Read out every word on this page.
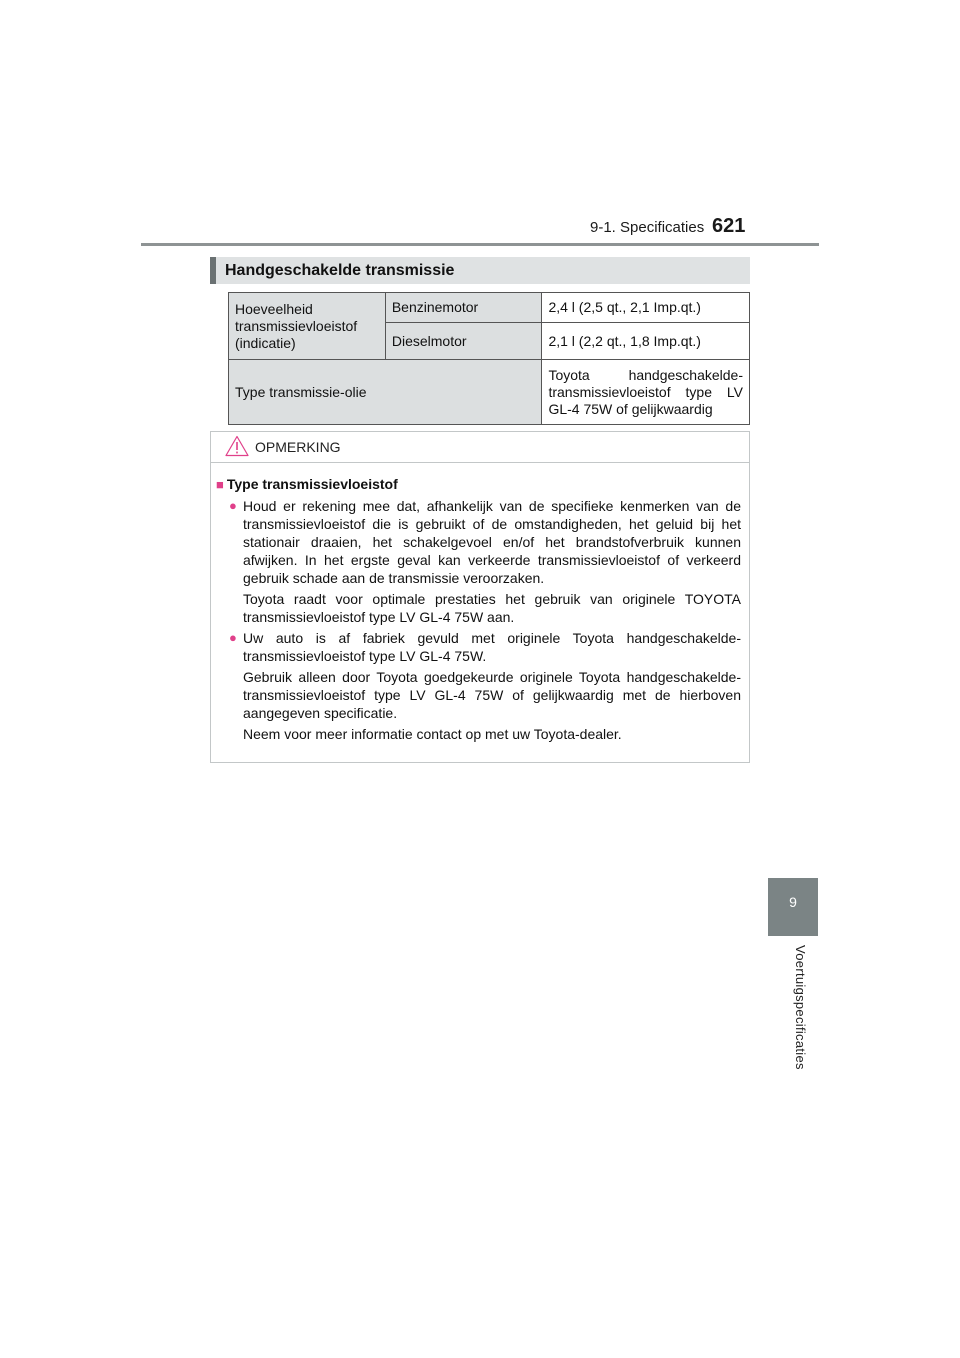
9-1. Specificaties 621
9
Voertuigspecificaties
Handgeschakelde transmissie
Hoeveelheid transmissievloeistof (indicatie)	Benzinemotor	2,4 l (2,5 qt., 2,1 Imp.qt.)
	Dieselmotor	2,1 l (2,2 qt., 1,8 Imp.qt.)
Type transmissie-olie		Toyota handgeschakelde-transmissievloeistof type LV GL-4 75W of gelijkwaardig
OPMERKING
■ Type transmissievloeistof
● Houd er rekening mee dat, afhankelijk van de specifieke kenmerken van de transmissievloeistof die is gebruikt of de omstandigheden, het geluid bij het stationair draaien, het schakelgevoel en/of het brandstofverbruik kunnen afwijken. In het ergste geval kan verkeerde transmissievloeistof of verkeerd gebruik schade aan de transmissie veroorzaken.

Toyota raadt voor optimale prestaties het gebruik van originele TOYOTA transmissievloeistof type LV GL-4 75W aan.

● Uw auto is af fabriek gevuld met originele Toyota handgeschakelde-transmissievloeistof type LV GL-4 75W.

Gebruik alleen door Toyota goedgekeurde originele Toyota handgeschakelde-transmissievloeistof type LV GL-4 75W of gelijkwaardig met de hierboven aangegeven specificatie.

Neem voor meer informatie contact op met uw Toyota-dealer.
